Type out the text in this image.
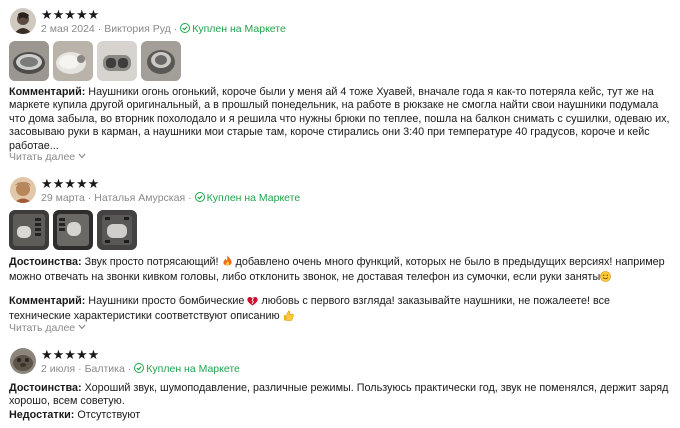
★★★★★
2 мая 2024 · Виктория Руд · Куплен на Маркете
Комментарий: Наушники огонь огонький, короче были у меня ай 4 тоже Хуавей, вначале года я как-то потеряла кейс, тут же на маркете купила другой оригинальный, а в прошлый понедельник, на работе в рюкзаке не смогла найти свои наушники подумала что дома забыла, во вторник похолодало и я решила что нужны брюки по теплее, пошла на балкон снимать с сушилки, одеваю их, засовываю руки в карман, а наушники мои старые там, короче стирались они 3:40 при температуре 40 градусов, короче и кейс работае...
Читать далее
★★★★★
29 марта · Наталья Амурская · Куплен на Маркете
Достоинства: Звук просто потрясающий!  добавлено очень много функций, которых не было в предыдущих версиях! например можно отвечать на звонки кивком головы, либо отклонить звонок, не доставая телефон из сумочки, если руки заняты
Комментарий: Наушники просто бомбические  любовь с первого взгляда! заказывайте наушники, не пожалеете! все технические характеристики соответствуют описанию
Читать далее
★★★★★
2 июля · Балтика · Куплен на Маркете
Достоинства: Хороший звук, шумоподавление, различные режимы. Пользуюсь практически год, звук не поменялся, держит заряд хорошо, всем советую.
Недостатки: Отсутствуют
